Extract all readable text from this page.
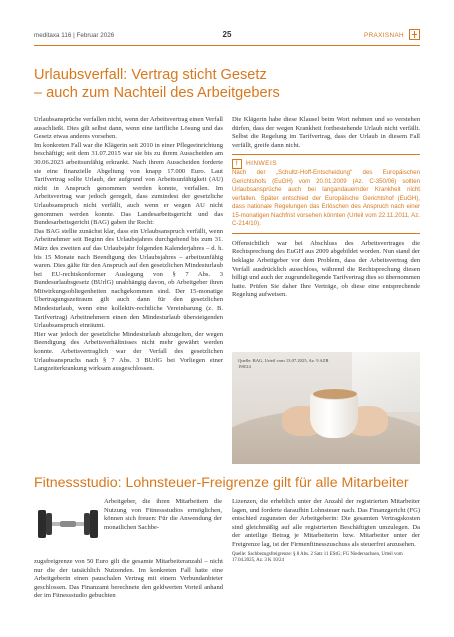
meditaxa 116 | Februar 2026	25	PRAXISNAH
Urlaubsverfall: Vertrag sticht Gesetz
– auch zum Nachteil des Arbeitgebers

Urlaubsansprüche verfallen nicht, wenn der Arbeitsvertrag einen Verfall ausschließt. Dies gilt selbst dann, wenn eine tarifliche Lösung und das Gesetz etwas anderes vorsehen.

Im konkreten Fall war die Klägerin seit 2010 in einer Pflegeeinrichtung beschäftigt; seit dem 31.07.2015 war sie bis zu ihrem Ausscheiden am 30.06.2023 arbeitsunfähig erkrankt. Nach ihrem Ausscheiden forderte sie eine finanzielle Abgeltung von knapp 17.000 Euro. Laut Tarifvertrag sollte Urlaub, der aufgrund von Arbeitsunfähigkeit (AU) nicht in Anspruch genommen werden konnte, verfallen. Im Arbeitsvertrag war jedoch geregelt, dass zumindest der gesetzliche Urlaubsanspruch nicht verfällt, auch wenn er wegen AU nicht genommen werden konnte. Das Landesarbeitsgericht und das Bundesarbeitsgericht (BAG) gaben ihr Recht:

Das BAG stellte zunächst klar, dass ein Urlaubsanspruch verfällt, wenn Arbeitnehmer seit Beginn des Urlaubsjahres durchgehend bis zum 31. März des zweiten auf das Urlaubsjahr folgenden Kalenderjahres – d. h. bis 15 Monate nach Beendigung des Urlaubsjahres – arbeitsunfähig waren. Dies gälte für den Anspruch auf den gesetzlichen Mindesturlaub bei EU-rechtskonformer Auslegung von § 7 Abs. 3 Bundesurlaubsgesetz (BUrlG) unabhängig davon, ob Arbeitgeber ihren Mitwirkungsobliegenheiten nachgekommen sind. Der 15-monatige Übertragungszeitraum gilt auch dann für den gesetzlichen Mindesturlaub, wenn eine kollektiv-rechtliche Vereinbarung (z. B. Tarifvertrag) Arbeitnehmern einen den Mindesturlaub übersteigenden Urlaubsanspruch einräumt.

Hier war jedoch der gesetzliche Mindesturlaub abzugelten, der wegen Beendigung des Arbeitsverhältnisses nicht mehr gewährt werden konnte. Arbeitsvertraglich war der Verfall des gesetzlichen Urlaubsanspruchs nach § 7 Abs. 3 BUrlG bei Vorliegen einer Langzeiterkrankung wirksam ausgeschlossen.

Die Klägerin habe diese Klausel beim Wort nehmen und so verstehen dürfen, dass der wegen Krankheit fortbestehende Urlaub nicht verfällt. Selbst die Regelung im Tarifvertrag, dass der Urlaub in diesem Fall verfällt, greife dann nicht.

!	HINWEIS
Nach der „Schultz-Hoff-Entscheidung“ des Europäischen Gerichtshofs (EuGH) vom 20.01.2009 (Az. C-350/06) sollten Urlaubsansprüche auch bei langandauernder Krankheit nicht verfallen. Später entschied der Europäische Gerichtshof (EuGH), dass nationale Regelungen das Erlöschen des Anspruch nach einer 15-monatigen Nachfrist vorsehen könnten (Urteil vom 22.11.2011, Az. C-214/10).

Offensichtlich war bei Abschluss des Arbeitsvertrages die Rechtsprechung des EuGH aus 2009 abgebildet worden. Nun stand der beklagte Arbeitgeber vor dem Problem, dass der Arbeitsvertrag den Verfall ausdrücklich ausschloss, während die Rechtsprechung diesen billigt und auch der zugrundeliegende Tarifvertrag dies so übernommen hatte. Prüfen Sie daher Ihre Verträge, ob diese eine entsprechende Regelung aufweisen.

Quelle: BAG, Urteil vom 13.07.2025, Az. 9 AZR 198/24
Fitnessstudio: Lohnsteuer-Freigrenze gilt für alle Mitarbeiter

Arbeitgeber, die ihren Mitarbeitern die Nutzung von Fitnessstudios ermöglichen, können sich freuen: Für die Anwendung der monatlichen Sachbe-

zugsfreigrenze von 50 Euro gilt die gesamte Mitarbeiteranzahl – nicht nur die der tatsächlich Nutzenden. Im konkreten Fall hatte eine Arbeitgeberin einen pauschalen Vertrag mit einem Verbundanbieter geschlossen. Das Finanzamt berechnete den geldwerten Vorteil anhand der im Fitnessstudio gebuchten

Lizenzen, die erheblich unter der Anzahl der registrierten Mitarbeiter lagen, und forderte daraufhin Lohnsteuer nach. Das Finanzgericht (FG) entschied zugunsten der Arbeitgeberin: Die gesamten Vertragskosten sind gleichmäßig auf alle registrierten Beschäftigten umzulegen. Da der anteilige Betrag je Mitarbeiterin bzw. Mitarbeiter unter der Freigrenze lag, ist der Firmenfitnesszuschuss als steuerfrei anzusehen.

Quelle: Sachbezugsfreigrenze: § 8 Abs. 2 Satz 11 EStG; FG Niedersachsen, Urteil vom 17.04.2025, Az. 3 K 10/24
